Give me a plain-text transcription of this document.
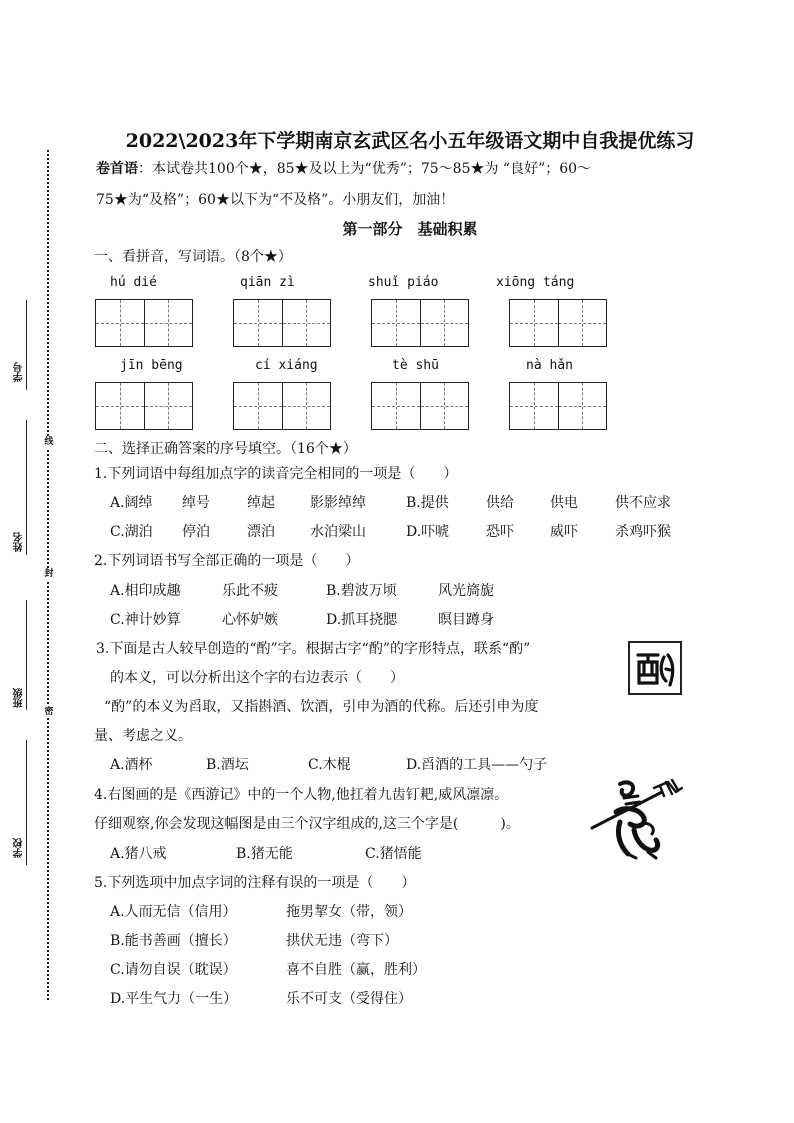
学号
姓名
班级
学校
线
封
密
2022\2023年下学期南京玄武区名小五年级语文期中自我提优练习
卷首语：本试卷共100个★，85★及以上为“优秀”；75～85★为 “良好”；60～
75★为“及格”；60★以下为“不及格”。小朋友们，加油！
第一部分　基础积累
一、看拼音，写词语。（8个★）
hú dié	qiān zì	shuǐ piáo	xiōng táng
jīn bēng	cí xiáng	tè shū	nà hǎn
二、选择正确答案的序号填空。（16个★）
1.下列词语中每组加点字的读音完全相同的一项是（　　）
A.阔绰 绰号	绰起	影影绰绰	B.提供	供给	供电	供不应求
C.湖泊 停泊	漂泊	水泊梁山	D.吓唬	恐吓	威吓	杀鸡吓猴
2.下列词语书写全部正确的一项是（　　）
A.相印成趣	乐此不疲	B.碧波万顷	风光旖旎
C.神计妙算	心怀妒嫉	D.抓耳挠腮	暝目蹲身
3.下面是古人较早创造的“酌”字。根据古字“酌”的字形特点，联系“酌”
的本义，可以分析出这个字的右边表示（　　）
“酌”的本义为舀取，又指斟酒、饮酒，引申为酒的代称。后还引申为度
量、考虑之义。
A.酒杯	B.酒坛	C.木棍	D.舀酒的工具——勺子
4.右图画的是《西游记》中的一个人物,他扛着九齿钉耙,威风凛凛。
仔细观察,你会发现这幅图是由三个汉字组成的,这三个字是(　　　)。
A.猪八戒	B.猪无能	C.猪悟能
5.下列选项中加点字词的注释有误的一项是（　　）
A.人而无信（信用）	拖男挈女（带，领）
B.能书善画（擅长）	拱伏无违（弯下）
C.请勿自误（耽误）	喜不自胜（赢，胜利）
D.平生气力（一生）	乐不可支（受得住）
